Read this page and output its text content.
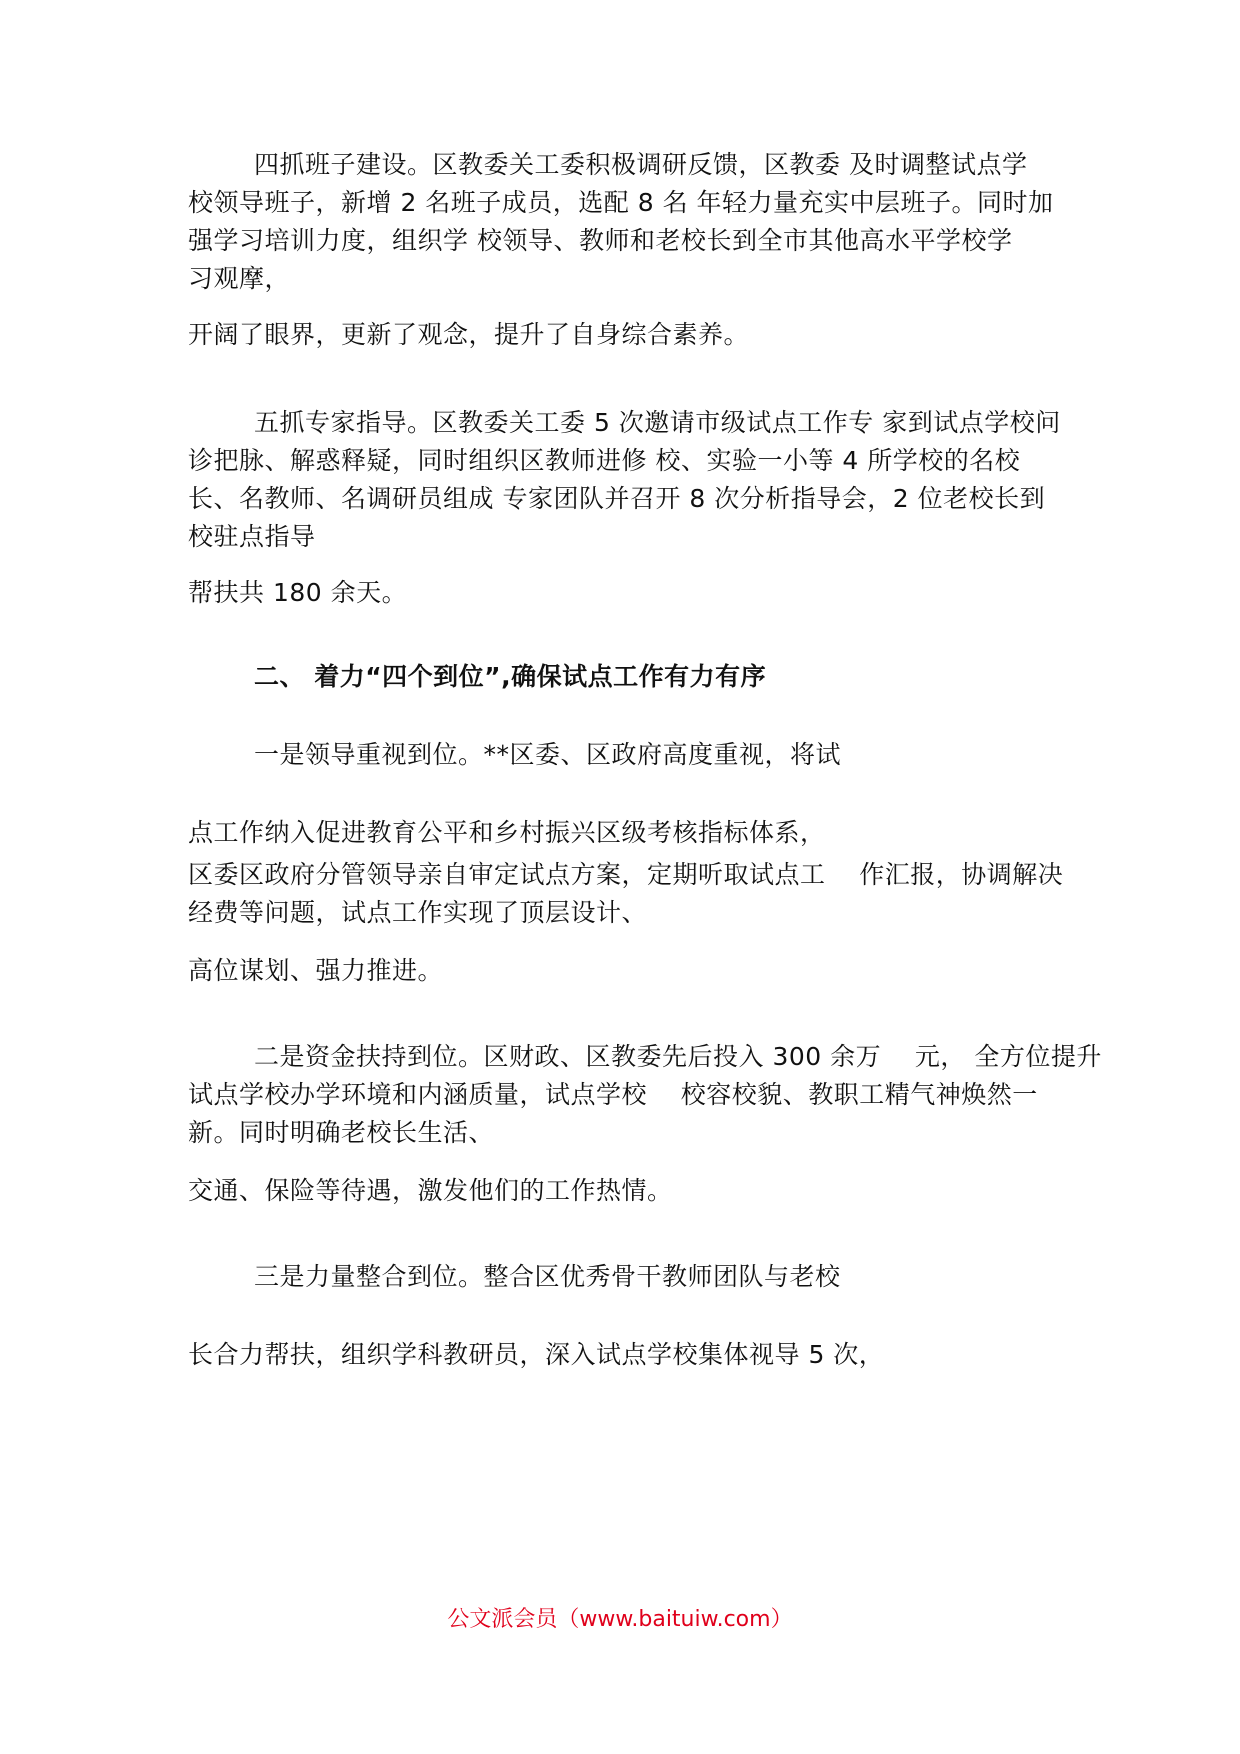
四抓班子建设。区教委关工委积极调研反馈，区教委 及时调整试点学
校领导班子，新增 2 名班子成员，选配 8 名 年轻力量充实中层班子。同时加
强学习培训力度，组织学 校领导、教师和老校长到全市其他高水平学校学
习观摩，
开阔了眼界，更新了观念，提升了自身综合素养。
五抓专家指导。区教委关工委 5 次邀请市级试点工作专 家到试点学校问
诊把脉、解惑释疑，同时组织区教师进修 校、实验一小等 4 所学校的名校
长、名教师、名调研员组成 专家团队并召开 8 次分析指导会，2 位老校长到
校驻点指导
帮扶共 180 余天。
二、 着力“四个到位”,确保试点工作有力有序
一是领导重视到位。**区委、区政府高度重视，将试
点工作纳入促进教育公平和乡村振兴区级考核指标体系，
区委区政府分管领导亲自审定试点方案，定期听取试点工    作汇报，协调解决
经费等问题，试点工作实现了顶层设计、
高位谋划、强力推进。
二是资金扶持到位。区财政、区教委先后投入 300 余万    元， 全方位提升
试点学校办学环境和内涵质量，试点学校    校容校貌、教职工精气神焕然一
新。同时明确老校长生活、
交通、保险等待遇，激发他们的工作热情。
三是力量整合到位。整合区优秀骨干教师团队与老校
长合力帮扶，组织学科教研员，深入试点学校集体视导 5 次，
公文派会员（www.baituiw.com）
